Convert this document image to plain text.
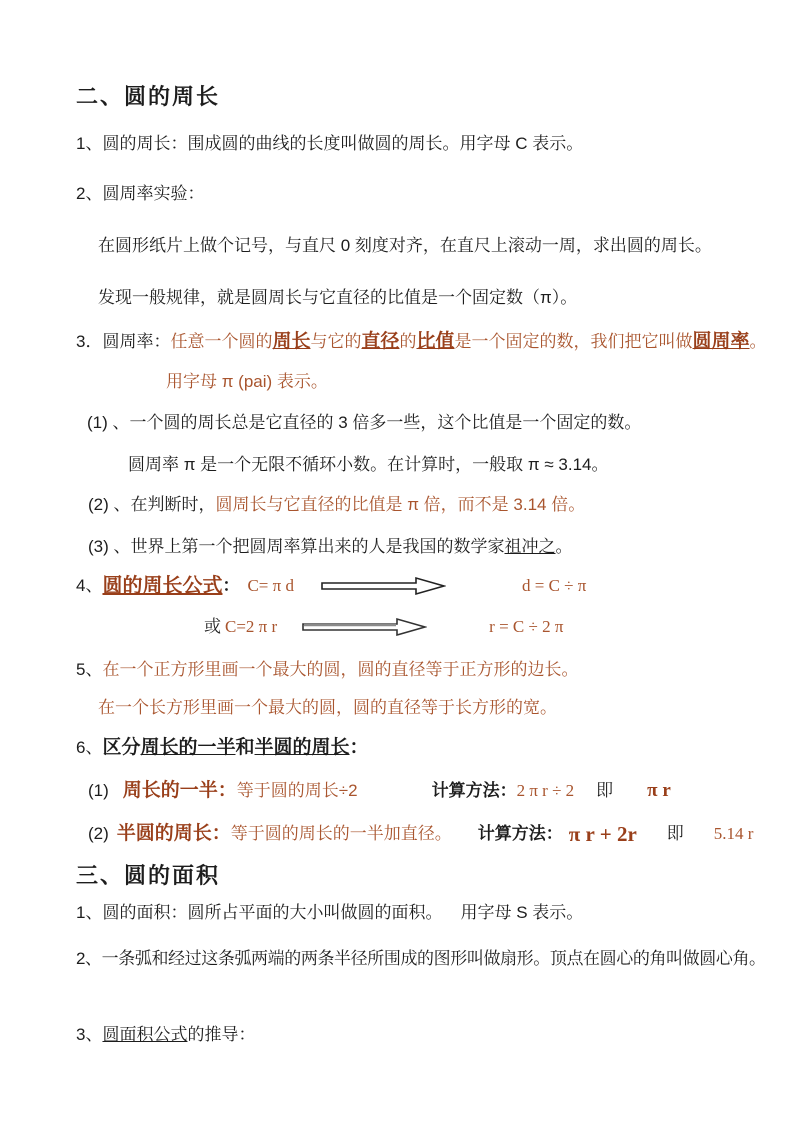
二、圆的周长
1、圆的周长：围成圆的曲线的长度叫做圆的周长。用字母 C 表示。
2、圆周率实验：
在圆形纸片上做个记号，与直尺 0 刻度对齐，在直尺上滚动一周，求出圆的周长。
发现一般规律，就是圆周长与它直径的比值是一个固定数（π）。
3．圆周率：任意一个圆的周长与它的直径的比值是一个固定的数，我们把它叫做圆周率。
用字母 π (pai) 表示。
(1) 、一个圆的周长总是它直径的 3 倍多一些，这个比值是一个固定的数。
圆周率 π 是一个无限不循环小数。在计算时，一般取 π ≈ 3.14。
(2) 、在判断时，圆周长与它直径的比值是 π 倍，而不是 3.14 倍。
(3) 、世界上第一个把圆周率算出来的人是我国的数学家祖冲之。
4、 圆的周长公式 ： C= π d	d = C ÷ π
或 C=2 π r	r = C ÷ 2 π
5、在一个正方形里画一个最大的圆，圆的直径等于正方形的边长。
在一个长方形里画一个最大的圆，圆的直径等于长方形的宽。
6、区分周长的一半和半圆的周长：
(1) 周长的一半： 等于圆的周长÷2	计算方法： 2 π r ÷ 2 即 π r
(2) 半圆的周长： 等于圆的周长的一半加直径。 计算方法： π r + 2r 即 5.14 r
三、圆的面积
1、圆的面积：圆所占平面的大小叫做圆的面积。 用字母 S 表示。
2、一条弧和经过这条弧两端的两条半径所围成的图形叫做扇形。顶点在圆心的角叫做圆心角。
3、圆面积公式的推导：
